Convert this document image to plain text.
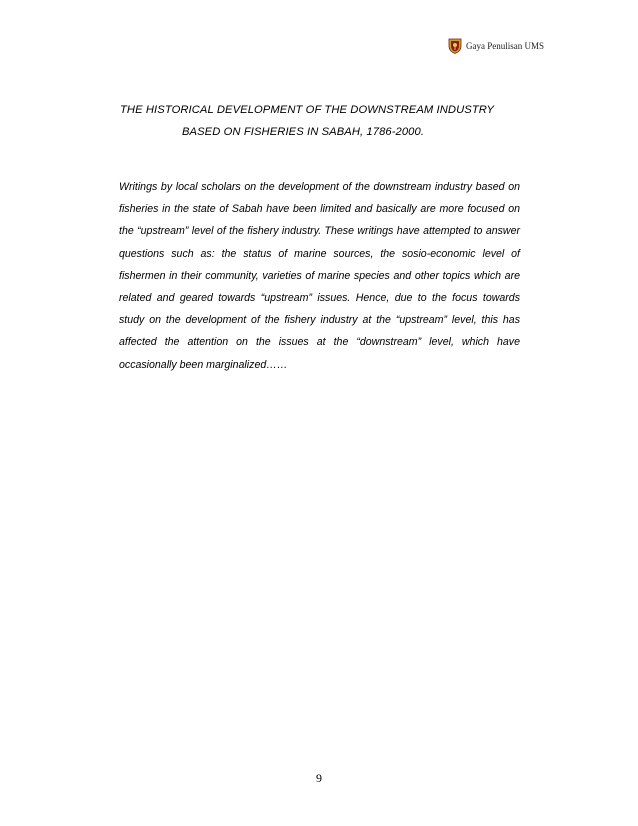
Gaya Penulisan UMS
THE HISTORICAL DEVELOPMENT OF THE DOWNSTREAM INDUSTRY
BASED ON FISHERIES IN SABAH, 1786-2000.

Writings by local scholars on the development of the downstream industry based on fisheries in the state of Sabah have been limited and basically are more focused on the “upstream” level of the fishery industry. These writings have attempted to answer questions such as: the status of marine sources, the sosio-economic level of fishermen in their community, varieties of marine species and other topics which are related and geared towards “upstream” issues. Hence, due to the focus towards study on the development of the fishery industry at the “upstream” level, this has affected the attention on the issues at the “downstream” level, which have occasionally been marginalized……

9
